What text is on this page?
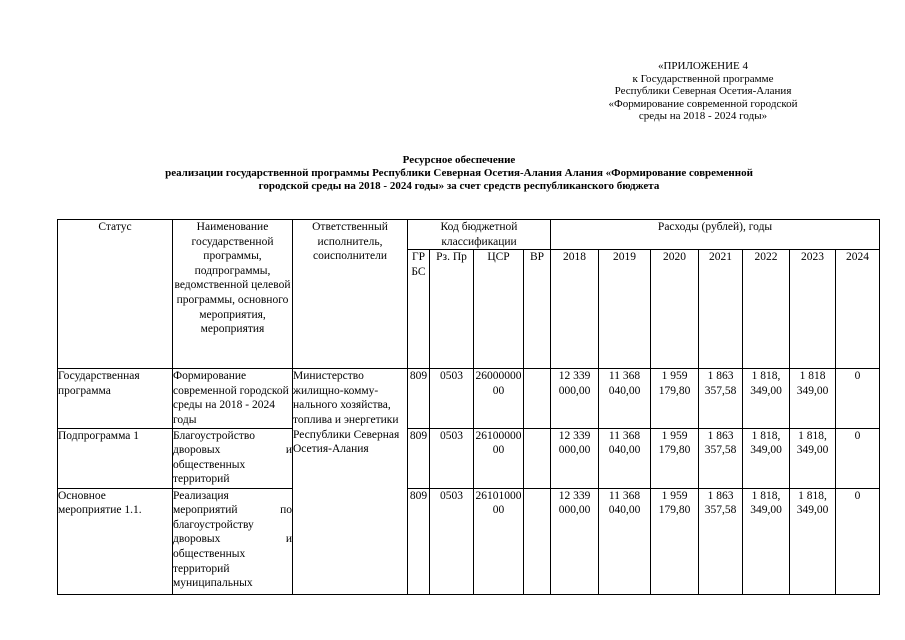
«ПРИЛОЖЕНИЕ 4
к Государственной программе
Республики Северная Осетия-Алания
«Формирование современной городской
среды на 2018 - 2024 годы»
Ресурсное обеспечение
реализации государственной программы Республики Северная Осетия-Алания Алания «Формирование современной
городской среды на 2018 - 2024 годы» за счет средств республиканского бюджета
Статус	Наименование государственной программы, подпрограммы, ведомственной целевой программы, основного мероприятия, мероприятия	Ответственный исполнитель, соисполнители	Код бюджетной классификации				Расходы (рублей), годы						
			ГР БС	Рз. Пр	ЦСР	ВР	2018	2019	2020	2021	2022	2023	2024
Государственная программа	Формирование современной городской среды на 2018 - 2024 годы	Министерство жилищно-комму-нального хозяйства, топлива и энергетики Республики Северная Осетия-Алания	809	0503	26000000 00		12 339 000,00	11 368 040,00	1 959 179,80	1 863 357,58	1 818, 349,00	1 818 349,00	0
Подпрограмма 1	Благоустройство дворовых и общественных территорий		809	0503	26100000 00		12 339 000,00	11 368 040,00	1 959 179,80	1 863 357,58	1 818, 349,00	1 818, 349,00	0
Основное мероприятие 1.1.	Реализация мероприятий по благоустройству дворовых и общественных территорий муниципальных		809	0503	26101000 00		12 339 000,00	11 368 040,00	1 959 179,80	1 863 357,58	1 818, 349,00	1 818, 349,00	0
